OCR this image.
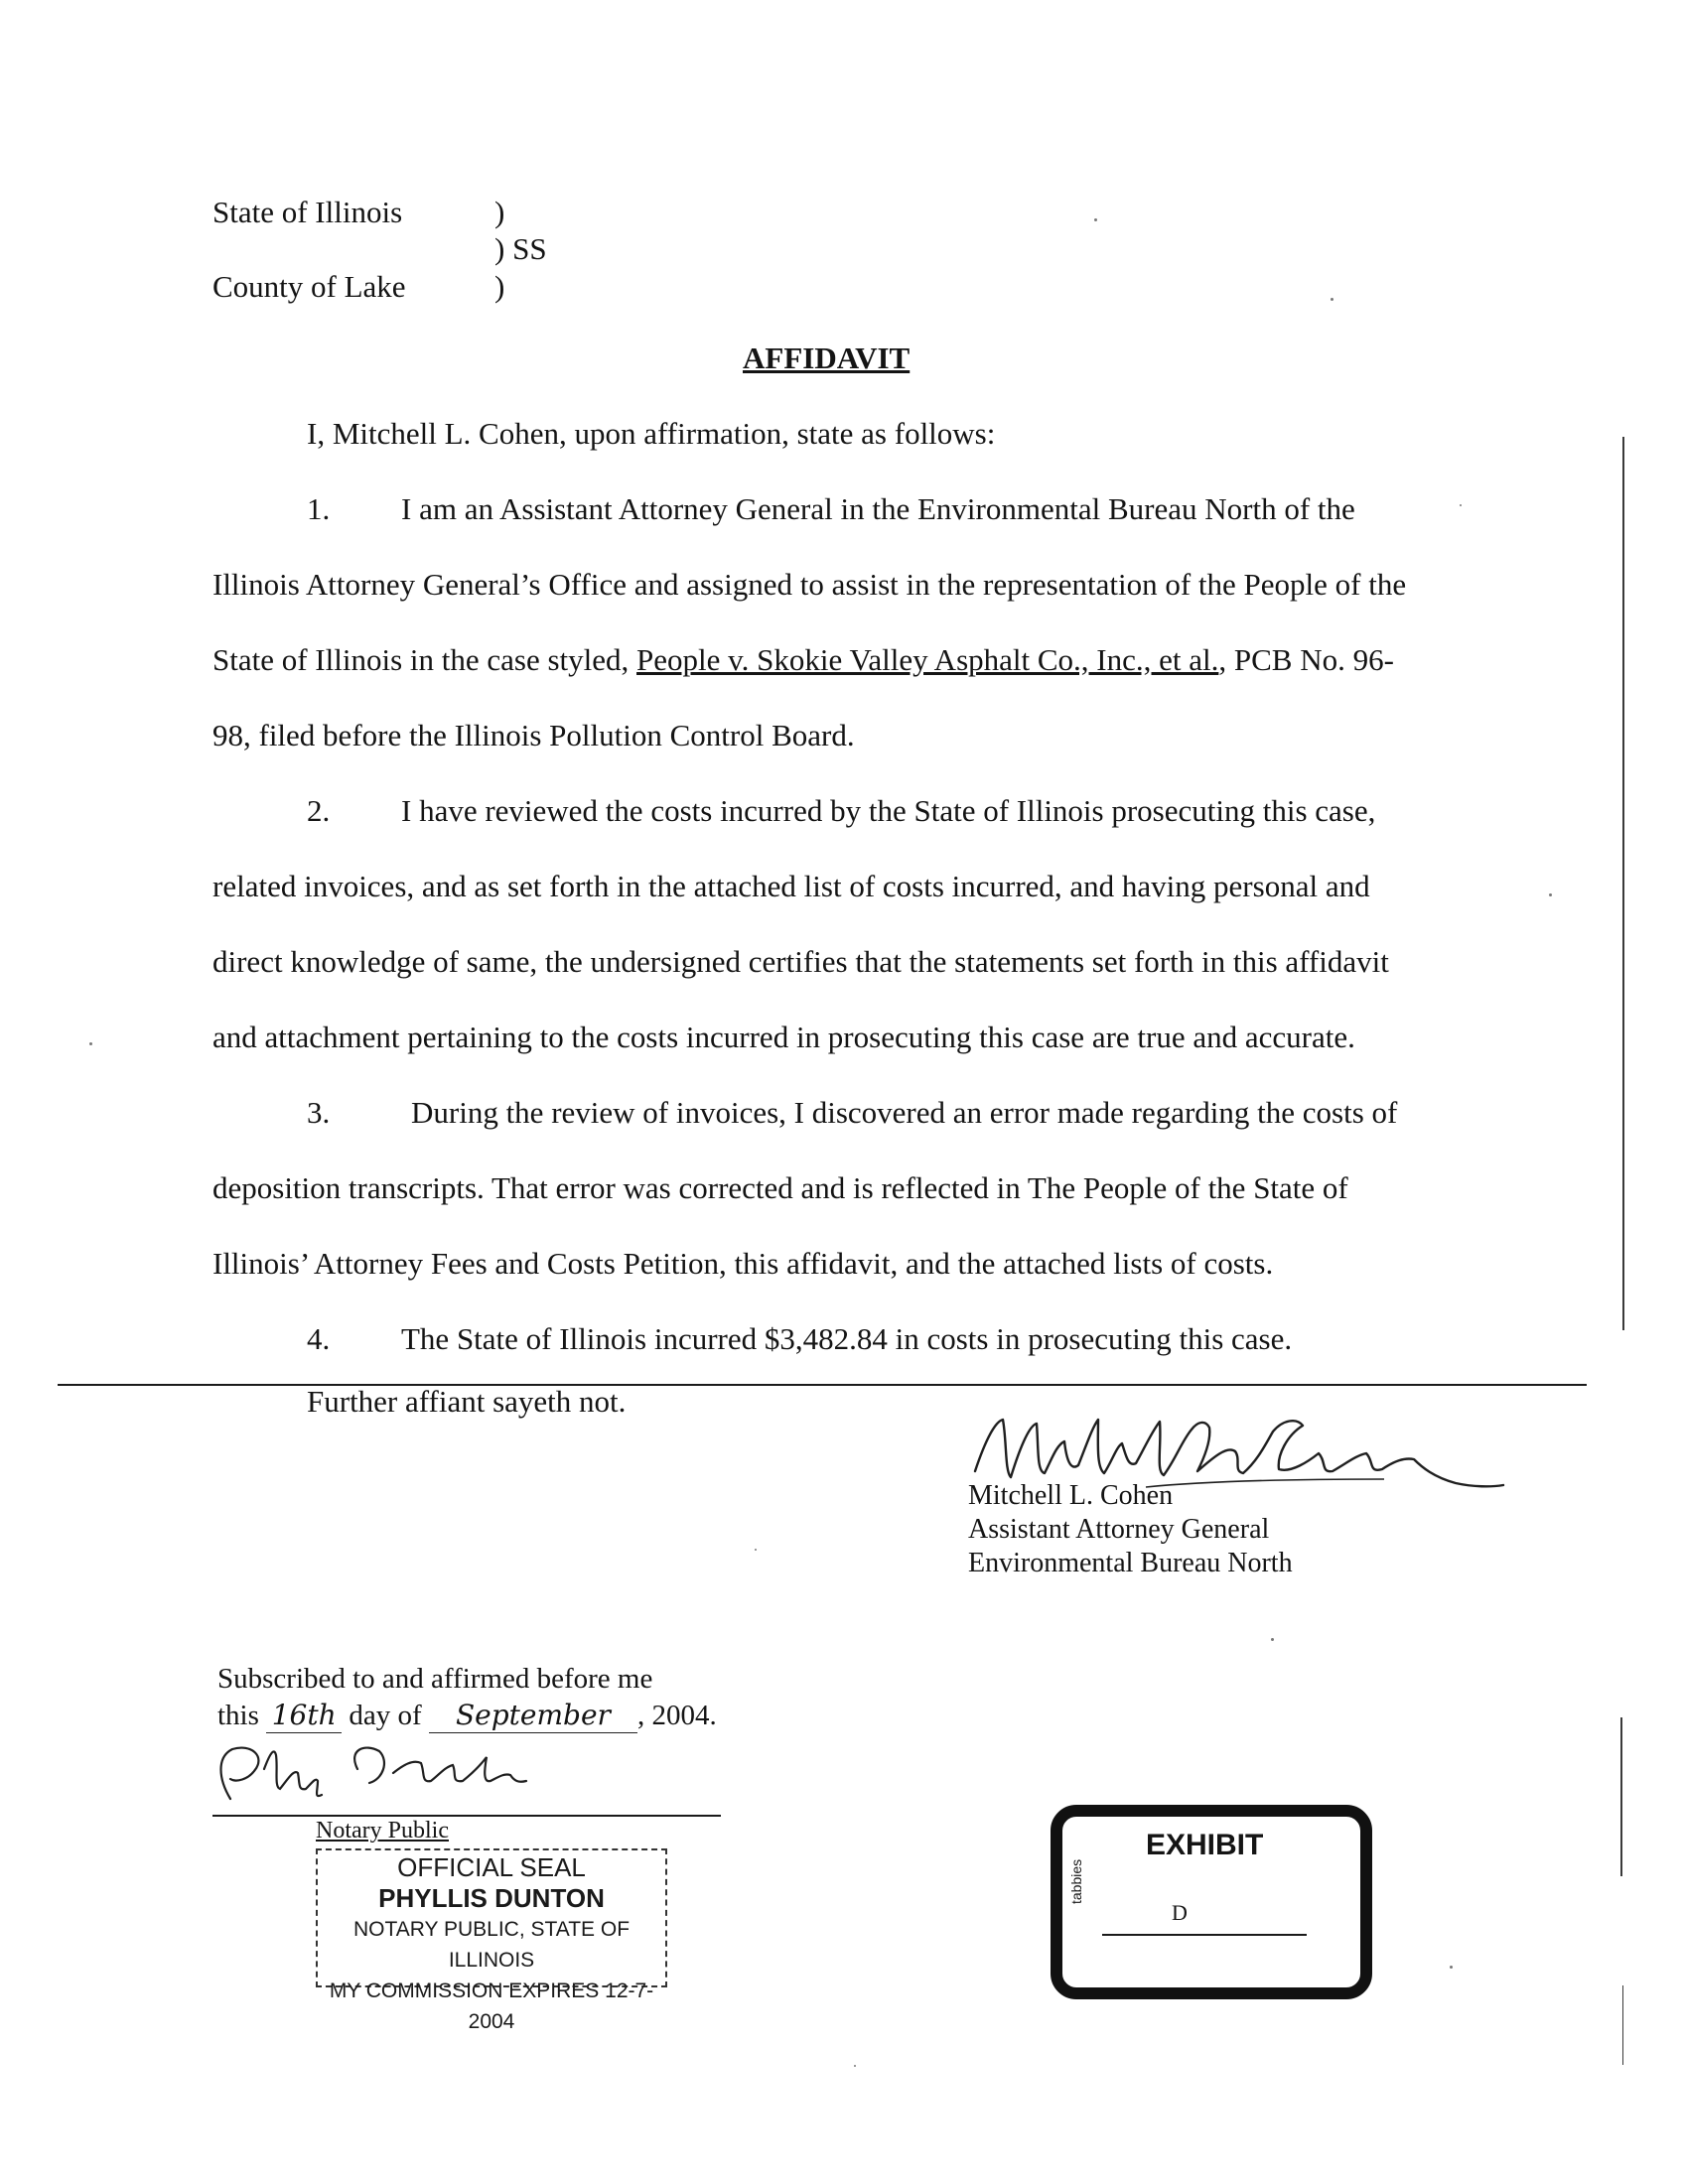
State of Illinois
County of Lake
)
) SS
)
AFFIDAVIT
I, Mitchell L. Cohen, upon affirmation, state as follows:
1. I am an Assistant Attorney General in the Environmental Bureau North of the
Illinois Attorney General’s Office and assigned to assist in the representation of the People of the
State of Illinois in the case styled, People v. Skokie Valley Asphalt Co., Inc., et al., PCB No. 96-
98, filed before the Illinois Pollution Control Board.
2. I have reviewed the costs incurred by the State of Illinois prosecuting this case,
related invoices, and as set forth in the attached list of costs incurred, and having personal and
direct knowledge of same, the undersigned certifies that the statements set forth in this affidavit
and attachment pertaining to the costs incurred in prosecuting this case are true and accurate.
3.	During the review of invoices, I discovered an error made regarding the costs of
deposition transcripts. That error was corrected and is reflected in The People of the State of
Illinois’ Attorney Fees and Costs Petition, this affidavit, and the attached lists of costs.
4. The State of Illinois incurred $3,482.84 in costs in prosecuting this case.
Further affiant sayeth not.
Mitchell L. Cohen
Assistant Attorney General
Environmental Bureau North
Subscribed to and affirmed before me
this 16th day of September , 2004.
Notary Public
OFFICIAL SEAL
PHYLLIS DUNTON
NOTARY PUBLIC, STATE OF ILLINOIS
MY COMMISSION EXPIRES 12-7-2004
EXHIBIT
tabbies
D
